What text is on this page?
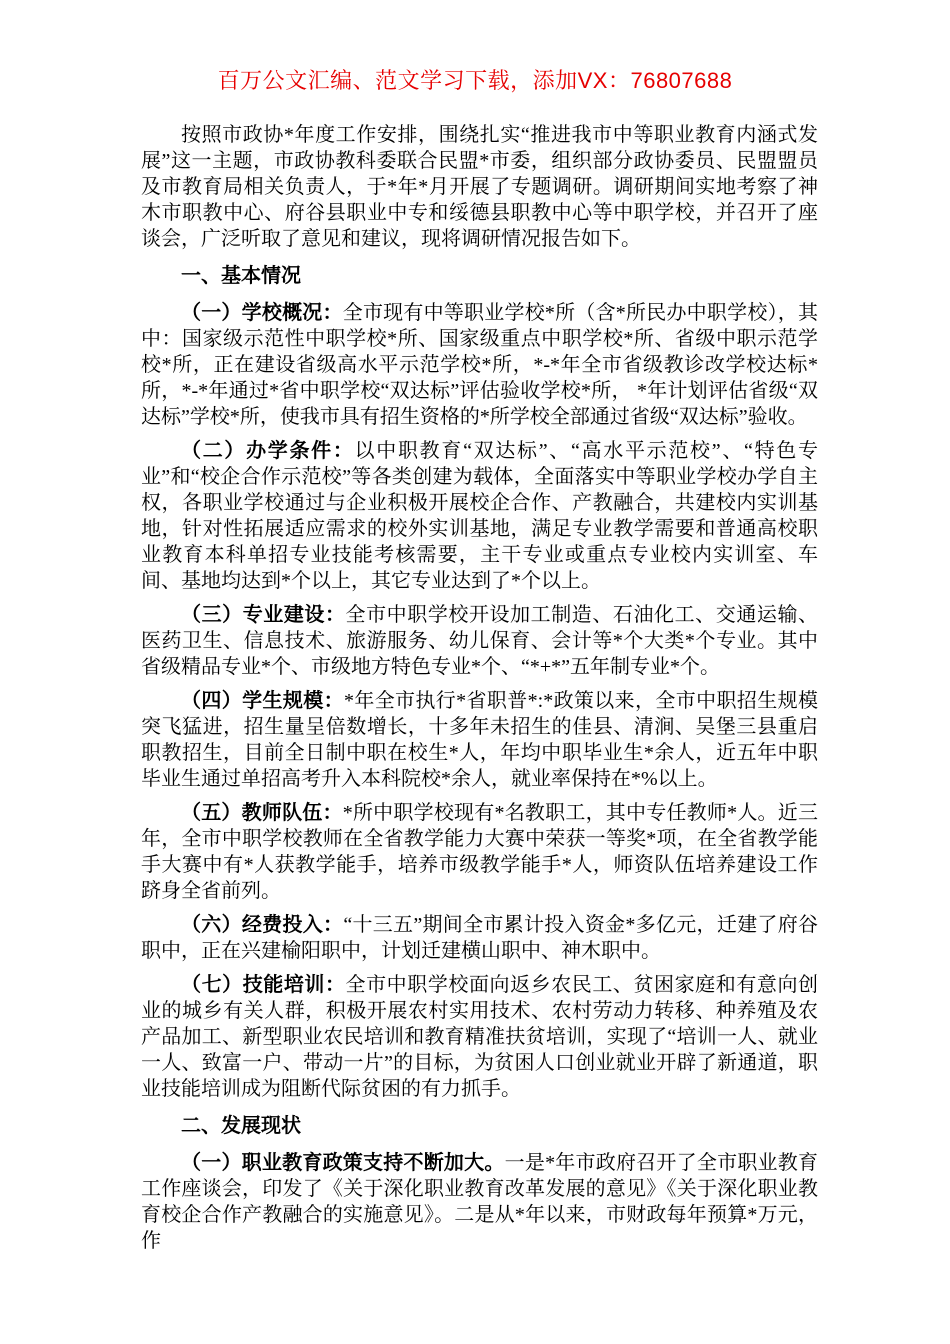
百万公文汇编、范文学习下载，添加VX：76807688

按照市政协*年度工作安排，围绕扎实“推进我市中等职业教育内涵式发展”这一主题，市政协教科委联合民盟*市委，组织部分政协委员、民盟盟员及市教育局相关负责人，于*年*月开展了专题调研。调研期间实地考察了神木市职教中心、府谷县职业中专和绥德县职教中心等中职学校，并召开了座谈会，广泛听取了意见和建议，现将调研情况报告如下。

一、基本情况

（一）学校概况：全市现有中等职业学校*所（含*所民办中职学校），其中：国家级示范性中职学校*所、国家级重点中职学校*所、省级中职示范学校*所，正在建设省级高水平示范学校*所，*-*年全市省级教诊改学校达标*所，*-*年通过*省中职学校“双达标”评估验收学校*所， *年计划评估省级“双达标”学校*所，使我市具有招生资格的*所学校全部通过省级“双达标”验收。

（二）办学条件：以中职教育“双达标”、“高水平示范校”、“特色专业”和“校企合作示范校”等各类创建为载体，全面落实中等职业学校办学自主权，各职业学校通过与企业积极开展校企合作、产教融合，共建校内实训基地，针对性拓展适应需求的校外实训基地，满足专业教学需要和普通高校职业教育本科单招专业技能考核需要，主干专业或重点专业校内实训室、车间、基地均达到*个以上，其它专业达到了*个以上。

（三）专业建设：全市中职学校开设加工制造、石油化工、交通运输、医药卫生、信息技术、旅游服务、幼儿保育、会计等*个大类*个专业。其中省级精品专业*个、市级地方特色专业*个、“*+*”五年制专业*个。

（四）学生规模：*年全市执行*省职普*:*政策以来，全市中职招生规模突飞猛进，招生量呈倍数增长，十多年未招生的佳县、清涧、吴堡三县重启职教招生，目前全日制中职在校生*人，年均中职毕业生*余人，近五年中职毕业生通过单招高考升入本科院校*余人，就业率保持在*%以上。

（五）教师队伍：*所中职学校现有*名教职工，其中专任教师*人。近三年，全市中职学校教师在全省教学能力大赛中荣获一等奖*项，在全省教学能手大赛中有*人获教学能手，培养市级教学能手*人，师资队伍培养建设工作跻身全省前列。

（六）经费投入：“十三五”期间全市累计投入资金*多亿元，迁建了府谷职中，正在兴建榆阳职中，计划迁建横山职中、神木职中。

（七）技能培训：全市中职学校面向返乡农民工、贫困家庭和有意向创业的城乡有关人群，积极开展农村实用技术、农村劳动力转移、种养殖及农产品加工、新型职业农民培训和教育精准扶贫培训，实现了“培训一人、就业一人、致富一户、带动一片”的目标，为贫困人口创业就业开辟了新通道，职业技能培训成为阻断代际贫困的有力抓手。

二、发展现状

（一）职业教育政策支持不断加大。一是*年市政府召开了全市职业教育工作座谈会，印发了《关于深化职业教育改革发展的意见》《关于深化职业教育校企合作产教融合的实施意见》。二是从*年以来，市财政每年预算*万元，作
